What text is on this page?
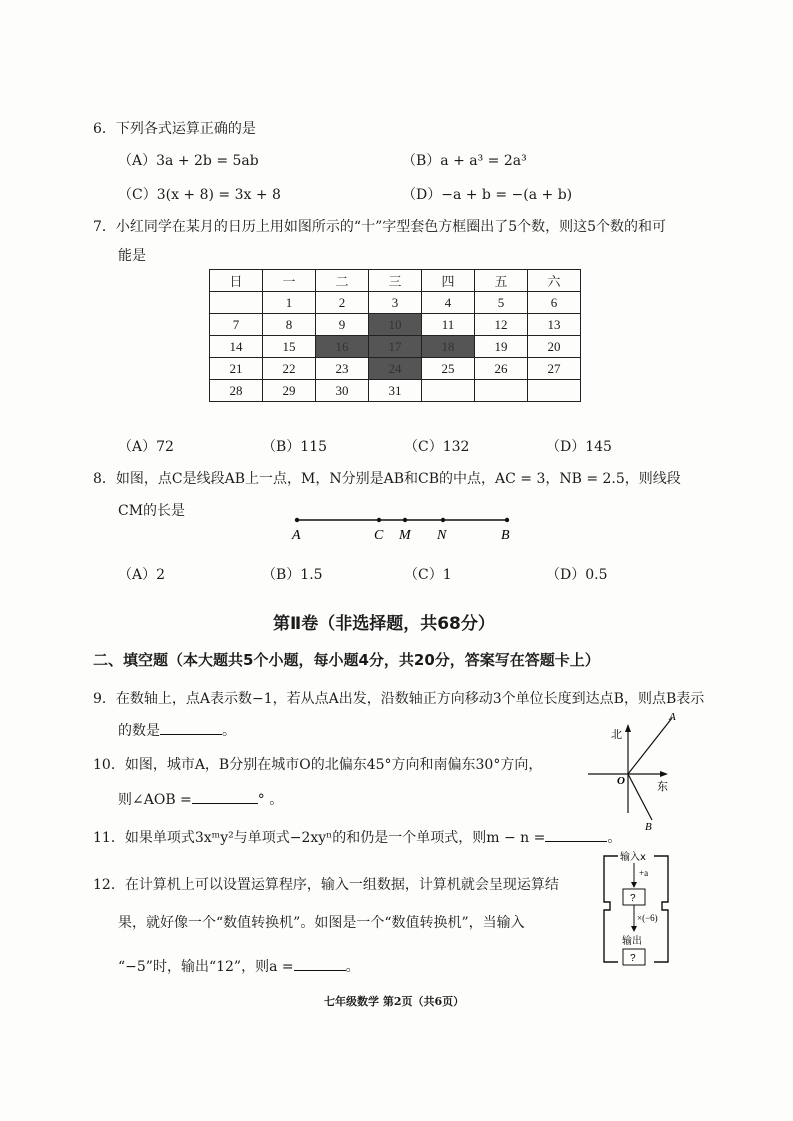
6．下列各式运算正确的是
（A）3a + 2b = 5ab	（B）a + a³ = 2a³
（C）3(x + 8) = 3x + 8	（D）−a + b = −(a + b)
7．小红同学在某月的日历上用如图所示的“十”字型套色方框圈出了5个数，则这5个数的和可
能是
日	一	二	三	四	五	六
	1	2	3	4	5	6
7	8	9	10	11	12	13
14	15	16	17	18	19	20
21	22	23	24	25	26	27
28	29	30	31			
（A）72	（B）115	（C）132	（D）145
8．如图，点C是线段AB上一点，M，N分别是AB和CB的中点，AC = 3，NB = 2.5，则线段
CM的长是
A	C M N	B
（A）2	（B）1.5	（C）1	（D）0.5
第Ⅱ卷（非选择题，共68分）
二、填空题（本大题共5个小题，每小题4分，共20分，答案写在答题卡上）
9．在数轴上，点A表示数−1，若从点A出发，沿数轴正方向移动3个单位长度到达点B，则点B表示
的数是	。
10．如图，城市A，B分别在城市O的北偏东45°方向和南偏东30°方向，
则∠AOB =	° 。
北
东
A
O
B
11．如果单项式3xᵐy²与单项式−2xyⁿ的和仍是一个单项式，则m − n =	。
12．在计算机上可以设置运算程序，输入一组数据，计算机就会呈现运算结
果，就好像一个“数值转换机”。如图是一个“数值转换机”，当输入
“−5”时，输出“12”，则a =	。
输入x
+a
?
×(−6)
输出
?
七年级数学 第2页（共6页）
